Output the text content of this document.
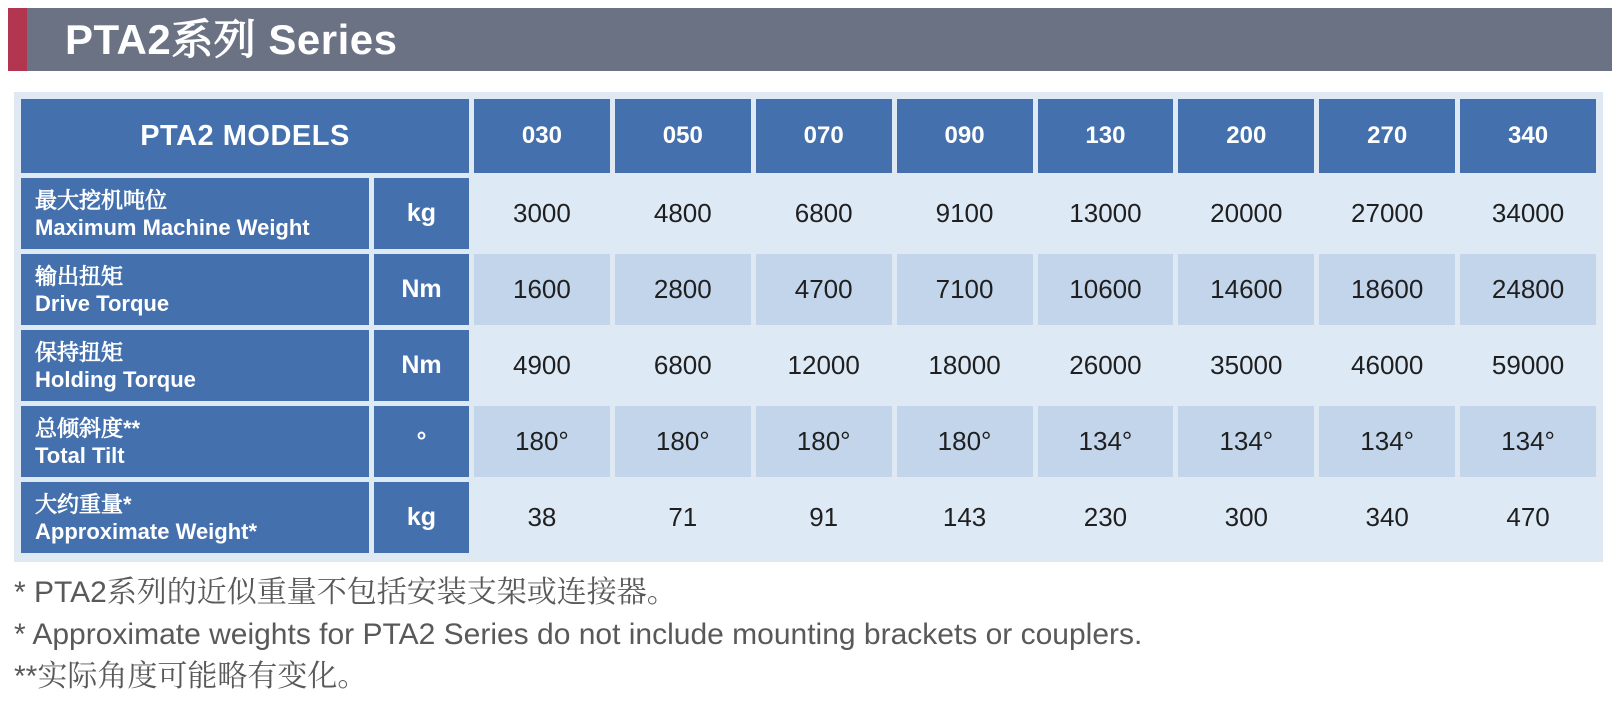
PTA2系列 Series
PTA2 MODELS	030	050	070	090	130	200	270	340
最大挖机吨位
Maximum Machine Weight	kg	3000	4800	6800	9100	13000	20000	27000	34000
输出扭矩
Drive Torque	Nm	1600	2800	4700	7100	10600	14600	18600	24800
保持扭矩
Holding Torque	Nm	4900	6800	12000	18000	26000	35000	46000	59000
总倾斜度**
Total Tilt	°	180°	180°	180°	180°	134°	134°	134°	134°
大约重量*
Approximate Weight*	kg	38	71	91	143	230	300	340	470
* PTA2系列的近似重量不包括安装支架或连接器。
* Approximate weights for PTA2 Series do not include mounting brackets or couplers.
**实际角度可能略有变化。
